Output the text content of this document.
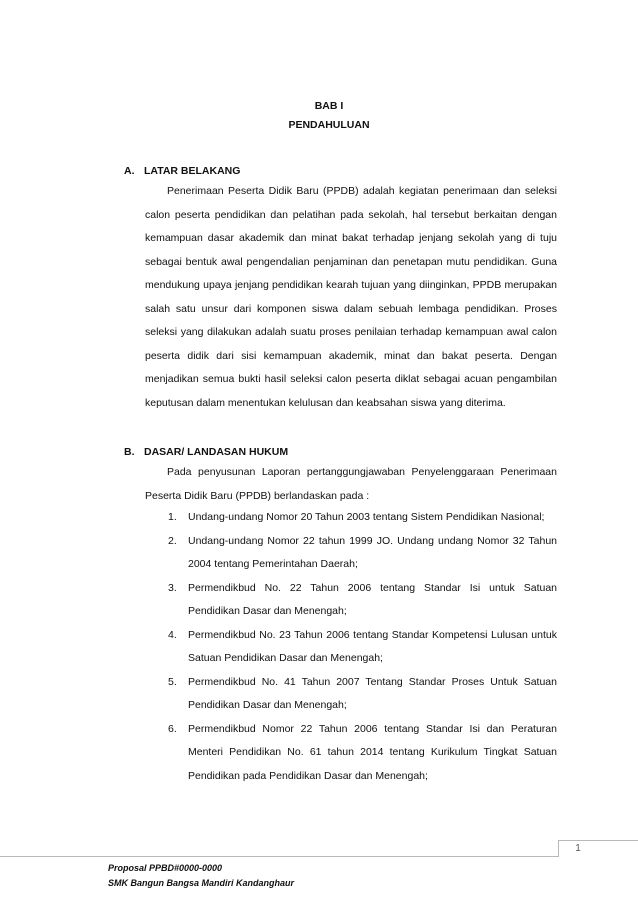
BAB I
PENDAHULUAN
A. LATAR BELAKANG
Penerimaan Peserta Didik Baru (PPDB) adalah kegiatan penerimaan dan seleksi calon peserta pendidikan dan pelatihan pada sekolah, hal tersebut berkaitan dengan kemampuan dasar akademik dan minat bakat terhadap jenjang sekolah yang di tuju sebagai bentuk awal pengendalian penjaminan dan penetapan mutu pendidikan. Guna mendukung upaya jenjang pendidikan kearah tujuan yang diinginkan, PPDB merupakan salah satu unsur dari komponen siswa dalam sebuah lembaga pendidikan. Proses seleksi yang dilakukan adalah suatu proses penilaian terhadap kemampuan awal calon peserta didik dari sisi kemampuan akademik, minat dan bakat peserta. Dengan menjadikan semua bukti hasil seleksi calon peserta diklat sebagai acuan pengambilan keputusan dalam menentukan kelulusan dan keabsahan siswa yang diterima.
B. DASAR/ LANDASAN HUKUM
Pada penyusunan Laporan pertanggungjawaban Penyelenggaraan Penerimaan Peserta Didik Baru (PPDB) berlandaskan pada :
1. Undang-undang Nomor 20 Tahun 2003 tentang Sistem Pendidikan Nasional;
2. Undang-undang Nomor 22 tahun 1999 JO. Undang undang Nomor 32 Tahun 2004 tentang Pemerintahan Daerah;
3. Permendikbud No. 22 Tahun 2006 tentang Standar Isi untuk Satuan Pendidikan Dasar dan Menengah;
4. Permendikbud No. 23 Tahun 2006 tentang Standar Kompetensi Lulusan untuk Satuan Pendidikan Dasar dan Menengah;
5. Permendikbud No. 41 Tahun 2007 Tentang Standar Proses Untuk Satuan Pendidikan Dasar dan Menengah;
6. Permendikbud Nomor 22 Tahun 2006 tentang Standar Isi dan Peraturan Menteri Pendidikan No. 61 tahun 2014 tentang Kurikulum Tingkat Satuan Pendidikan pada Pendidikan Dasar dan Menengah;
1
Proposal PPBD#0000-0000
SMK Bangun Bangsa Mandiri Kandanghaur
